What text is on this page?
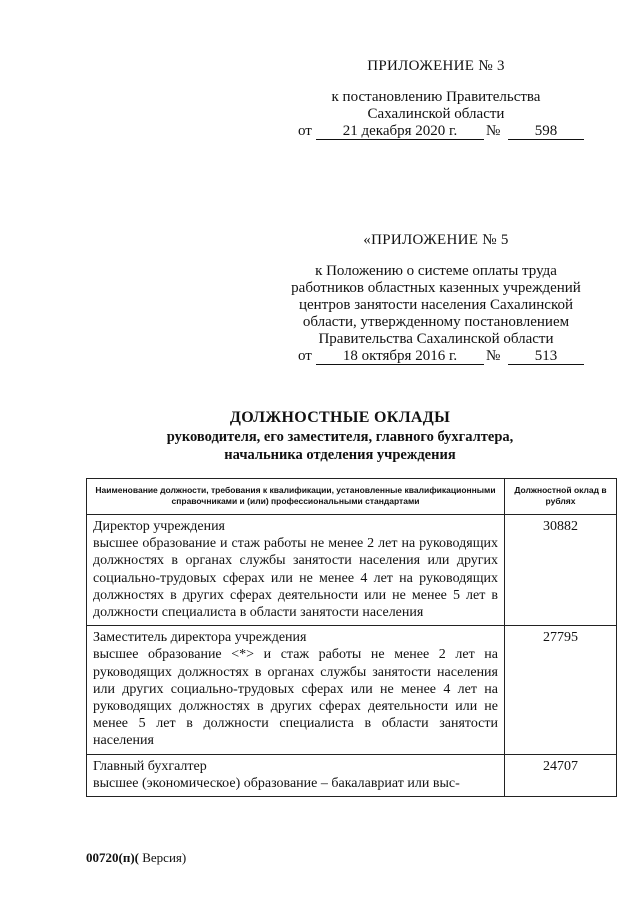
ПРИЛОЖЕНИЕ № 3
к постановлению Правительства
Сахалинской области
от	21 декабря 2020 г.	№	598
«ПРИЛОЖЕНИЕ № 5
к Положению о системе оплаты труда
работников областных казенных учреждений
центров занятости населения Сахалинской
области, утвержденному постановлением
Правительства Сахалинской области
от	18 октября 2016 г.	№	513
ДОЛЖНОСТНЫЕ ОКЛАДЫ
руководителя, его заместителя, главного бухгалтера,
начальника отделения учреждения
Наименование должности, требования к квалификации, установленные квалификационными справочниками и (или) профессиональными стандартами	Должностной оклад в рублях

Директор учреждения
высшее образование и стаж работы не менее 2 лет на руководящих должностях в органах службы занятости населения или других социально-трудовых сферах или не менее 4 лет на руководящих должностях в других сферах деятельности или не менее 5 лет в должности специалиста в области занятости населения	30882

Заместитель директора учреждения
высшее образование <*> и стаж работы не менее 2 лет на руководящих должностях в органах службы занятости населения или других социально-трудовых сферах или не менее 4 лет на руководящих должностях в других сферах деятельности или не менее 5 лет в должности специалиста в области занятости населения	27795

Главный бухгалтер
высшее (экономическое) образование – бакалавриат или выс-	24707
00720(п)( Версия)
